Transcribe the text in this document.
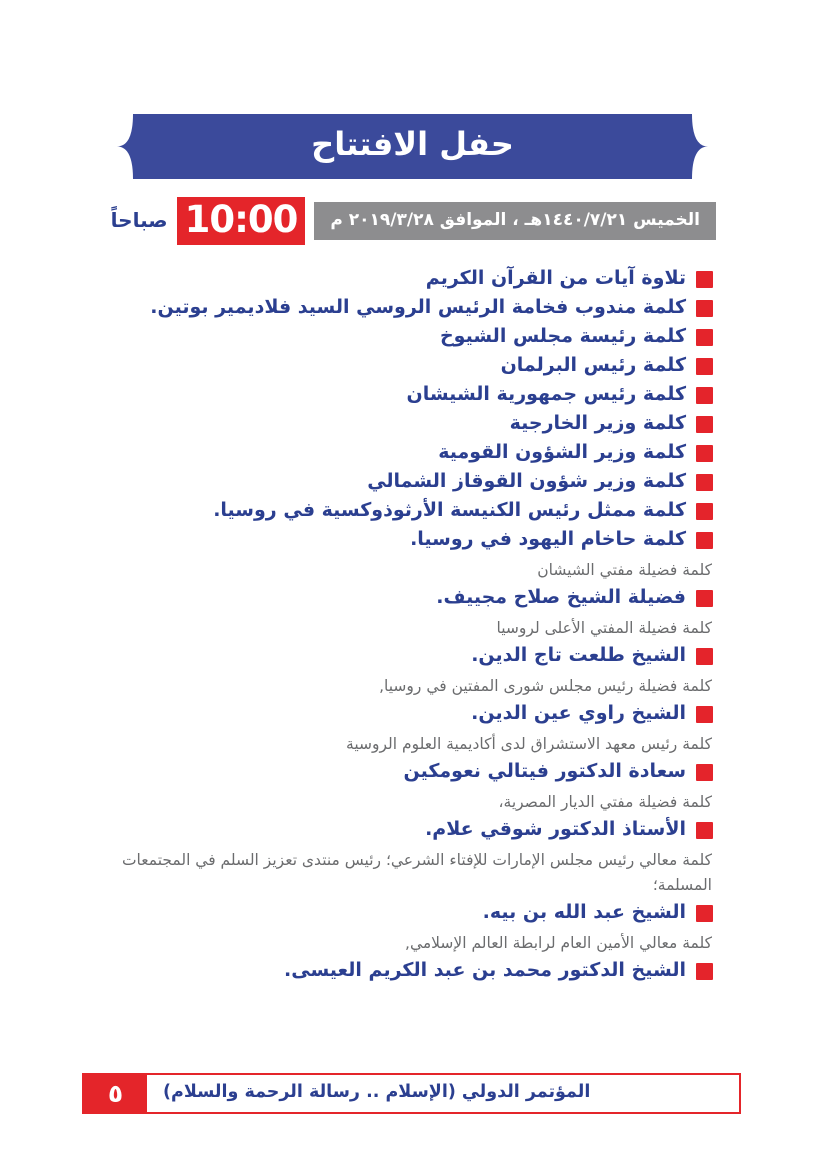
حفل الافتتاح
الخميس ١٤٤٠/٧/٢١هـ ، الموافق ٢٠١٩/٣/٢٨ م
10:00
صباحاً
تلاوة آيات من القرآن الكريم
كلمة مندوب فخامة الرئيس الروسي السيد فلاديمير بوتين.
كلمة رئيسة مجلس الشيوخ
كلمة رئيس البرلمان
كلمة رئيس جمهورية الشيشان
كلمة وزير الخارجية
كلمة وزير الشؤون القومية
كلمة وزير شؤون القوقاز الشمالي
كلمة ممثل رئيس الكنيسة الأرثوذوكسية في روسيا.
كلمة حاخام اليهود في روسيا.
كلمة فضيلة مفتي الشيشان
فضيلة الشيخ صلاح مجييف.
كلمة فضيلة المفتي الأعلى لروسيا
الشيخ طلعت تاج الدين.
كلمة فضيلة رئيس مجلس شورى المفتين في روسيا,
الشيخ راوي عين الدين.
كلمة رئيس معهد الاستشراق لدى أكاديمية العلوم الروسية
سعادة الدكتور فيتالي نعومكين
كلمة فضيلة مفتي الديار المصرية،
الأستاذ الدكتور شوقي علام.
كلمة معالي رئيس مجلس الإمارات للإفتاء الشرعي؛ رئيس منتدى تعزيز السلم في المجتمعات المسلمة؛
الشيخ عبد الله بن بيه.
كلمة معالي الأمين العام لرابطة العالم الإسلامي,
الشيخ الدكتور محمد بن عبد الكريم العيسى.
٥	المؤتمر الدولي (الإسلام .. رسالة الرحمة والسلام)
